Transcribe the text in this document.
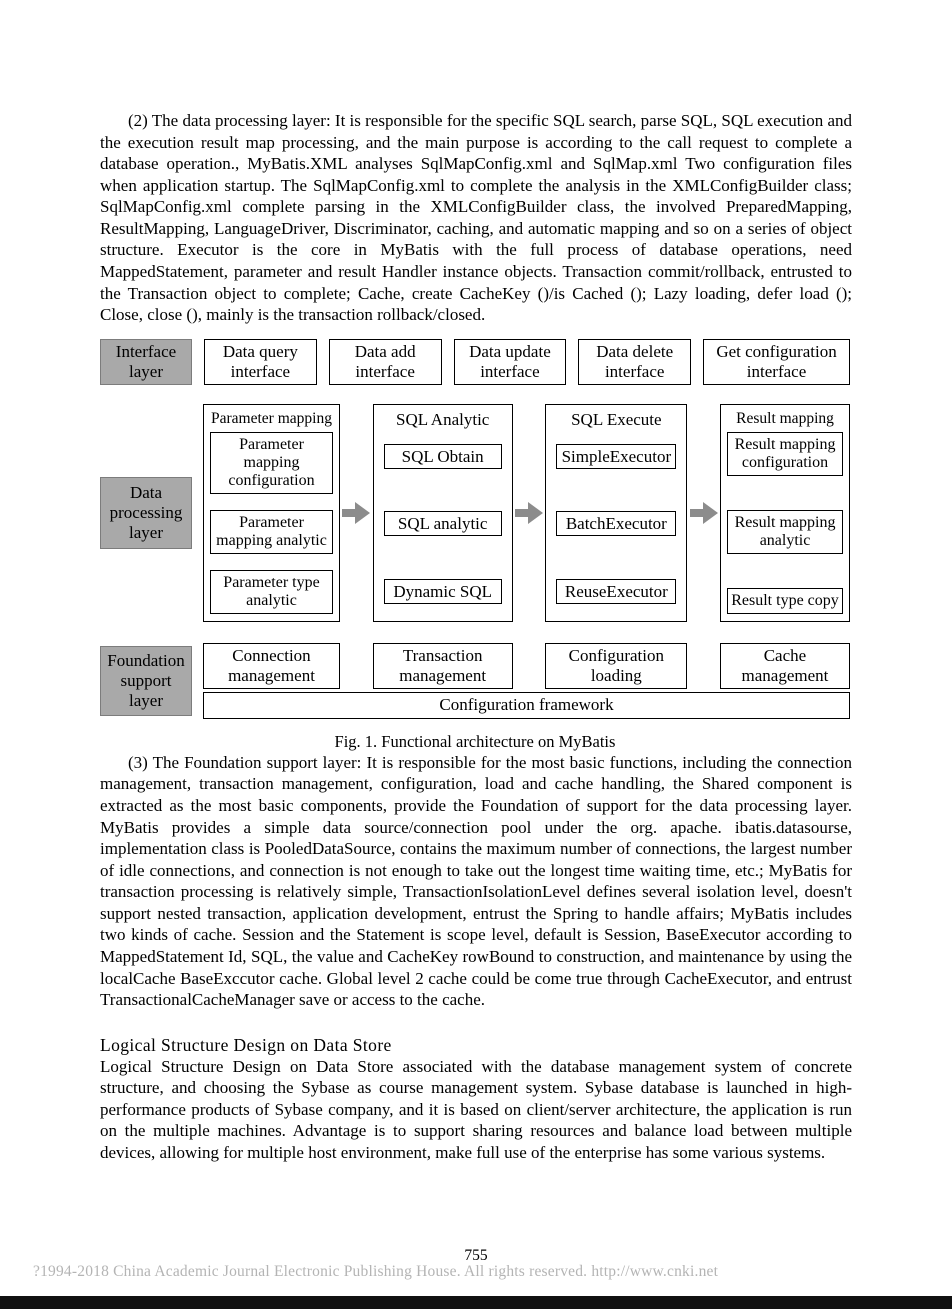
(2) The data processing layer: It is responsible for the specific SQL search, parse SQL, SQL execution and the execution result map processing, and the main purpose is according to the call request to complete a database operation., MyBatis.XML analyses SqlMapConfig.xml and SqlMap.xml Two configuration files when application startup. The SqlMapConfig.xml to complete the analysis in the XMLConfigBuilder class; SqlMapConfig.xml complete parsing in the XMLConfigBuilder class, the involved PreparedMapping, ResultMapping, LanguageDriver, Discriminator, caching, and automatic mapping and so on a series of object structure. Executor is the core in MyBatis with the full process of database operations, need MappedStatement, parameter and result Handler instance objects. Transaction commit/rollback, entrusted to the Transaction object to complete; Cache, create CacheKey ()/is Cached (); Lazy loading, defer load (); Close, close (), mainly is the transaction rollback/closed.

Interface layer
Data query interface
Data add interface
Data update interface
Data delete interface
Get configuration interface
Data processing layer
Parameter mapping
Parameter mapping configuration
Parameter mapping analytic
Parameter type analytic
SQL Analytic
SQL Obtain
SQL analytic
Dynamic SQL
SQL Execute
SimpleExecutor
BatchExecutor
ReuseExecutor
Result mapping
Result mapping configuration
Result mapping analytic
Result type copy
Foundation support layer
Connection management
Transaction management
Configuration loading
Cache management
Configuration framework
Fig. 1. Functional architecture on MyBatis

(3) The Foundation support layer: It is responsible for the most basic functions, including the connection management, transaction management, configuration, load and cache handling, the Shared component is extracted as the most basic components, provide the Foundation of support for the data processing layer. MyBatis provides a simple data source/connection pool under the org. apache. ibatis.datasourse, implementation class is PooledDataSource, contains the maximum number of connections, the largest number of idle connections, and connection is not enough to take out the longest time waiting time, etc.; MyBatis for transaction processing is relatively simple, TransactionIsolationLevel defines several isolation level, doesn't support nested transaction, application development, entrust the Spring to handle affairs; MyBatis includes two kinds of cache. Session and the Statement is scope level, default is Session, BaseExecutor according to MappedStatement Id, SQL, the value and CacheKey rowBound to construction, and maintenance by using the localCache BaseExccutor cache. Global level 2 cache could be come true through CacheExecutor, and entrust TransactionalCacheManager save or access to the cache.

Logical Structure Design on Data Store

Logical Structure Design on Data Store associated with the database management system of concrete structure, and choosing the Sybase as course management system. Sybase database is launched in high-performance products of Sybase company, and it is based on client/server architecture, the application is run on the multiple machines. Advantage is to support sharing resources and balance load between multiple devices, allowing for multiple host environment, make full use of the enterprise has some various systems.

755
?1994-2018 China Academic Journal Electronic Publishing House. All rights reserved. http://www.cnki.net
